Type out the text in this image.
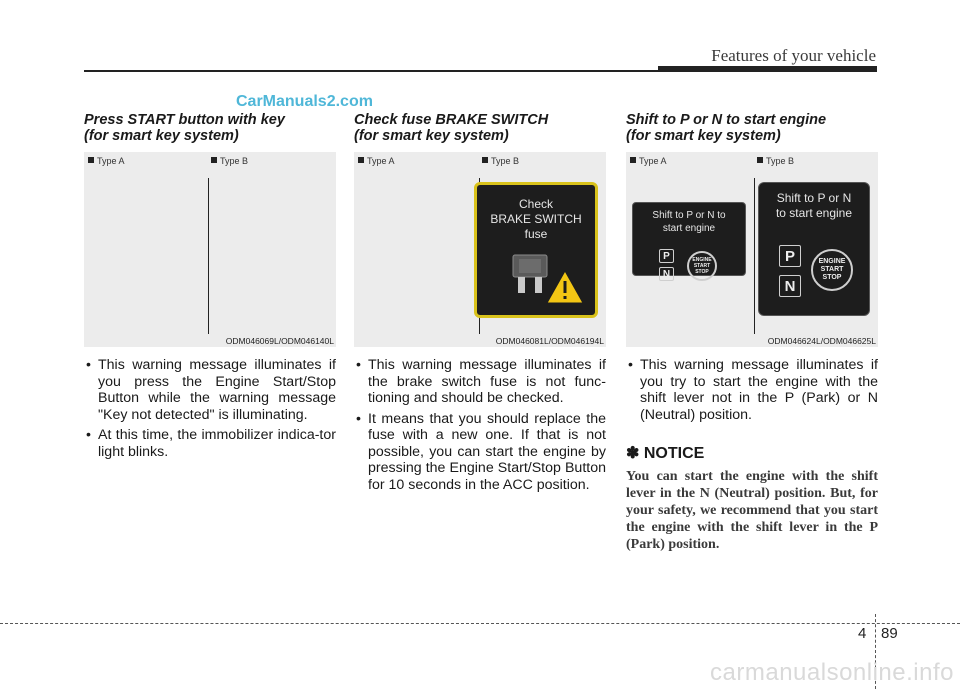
Features of your vehicle
CarManuals2.com
Press START button with key
(for smart key system)
Type A	Type B
ODM046069L/ODM046140L
• This warning message illuminates if you press the Engine Start/Stop Button while the warning message "Key not detected" is illuminating.
• At this time, the immobilizer indica-tor light blinks.
Check fuse BRAKE SWITCH
(for smart key system)
Type A	Type B
Check
BRAKE SWITCH
fuse
ODM046081L/ODM046194L
• This warning message illuminates if the brake switch fuse is not func-tioning and should be checked.
• It means that you should replace the fuse with a new one. If that is not possible, you can start the engine by pressing the Engine Start/Stop Button for 10 seconds in the ACC position.
Shift to P or N to start engine
(for smart key system)
Type A	Type B
Shift to P or N to
start engine
P
N
ENGINE
START
STOP
Shift to P or N
to start engine
P
N
ENGINE
START
STOP
ODM046624L/ODM046625L
• This warning message illuminates if you try to start the engine with the shift lever not in the P (Park) or N (Neutral) position.
✽ NOTICE
You can start the engine with the shift lever in the N (Neutral) position. But, for your safety, we recommend that you start the engine with the shift lever in the P (Park) position.
4 89
carmanualsonline.info
